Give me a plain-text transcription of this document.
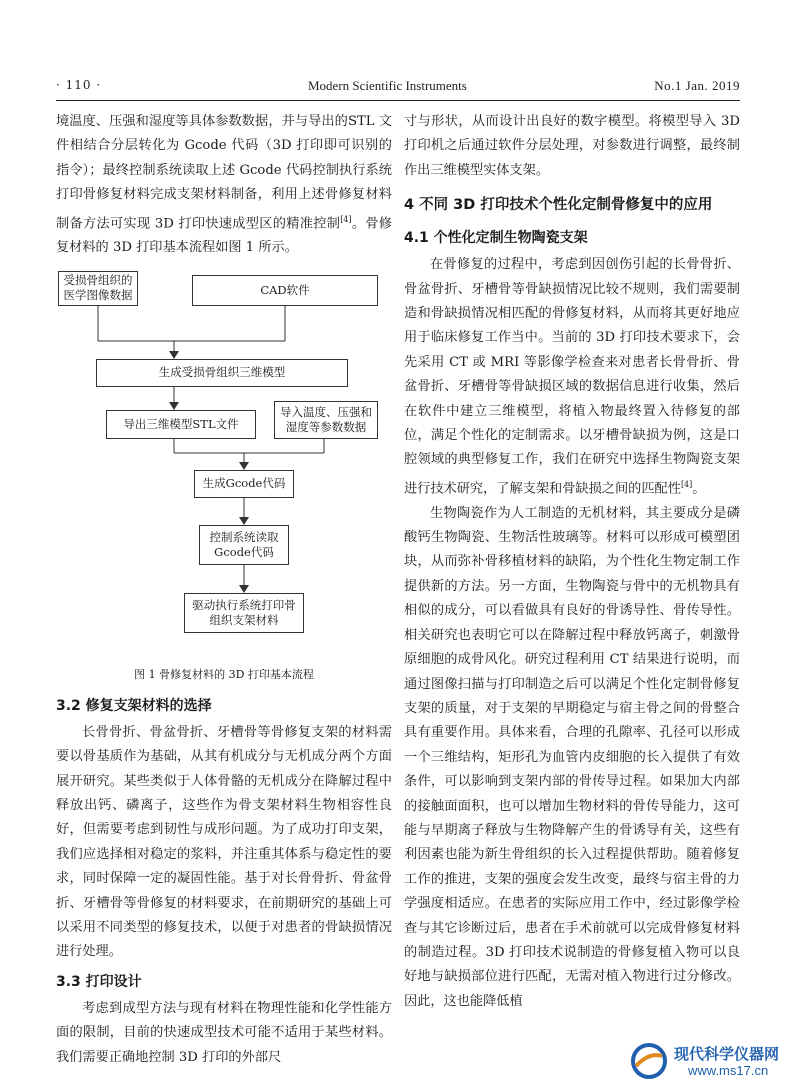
· 110 ·	Modern Scientific Instruments	No.1 Jan. 2019

境温度、压强和湿度等具体参数数据，并与导出的STL 文件相结合分层转化为 Gcode 代码（3D 打印即可识别的指令）；最终控制系统读取上述 Gcode 代码控制执行系统打印骨修复材料完成支架材料制备，利用上述骨修复材料制备方法可实现 3D 打印快速成型区的精准控制[4]。骨修复材料的 3D 打印基本流程如图 1 所示。

受损骨组织的医学图像数据	CAD软件
生成受损骨组织三维模型
导出三维模型STL文件
导入温度、压强和湿度等参数数据
生成Gcode代码
控制系统读取Gcode代码
驱动执行系统打印骨组织支架材料

图 1 骨修复材料的 3D 打印基本流程

3.2 修复支架材料的选择

长骨骨折、骨盆骨折、牙槽骨等骨修复支架的材料需要以骨基质作为基础，从其有机成分与无机成分两个方面展开研究。某些类似于人体骨骼的无机成分在降解过程中释放出钙、磷离子，这些作为骨支架材料生物相容性良好，但需要考虑到韧性与成形问题。为了成功打印支架，我们应选择相对稳定的浆料，并注重其体系与稳定性的要求，同时保障一定的凝固性能。基于对长骨骨折、骨盆骨折、牙槽骨等骨修复的材料要求，在前期研究的基础上可以采用不同类型的修复技术，以便于对患者的骨缺损情况进行处理。

3.3 打印设计

考虑到成型方法与现有材料在物理性能和化学性能方面的限制，目前的快速成型技术可能不适用于某些材料。我们需要正确地控制 3D 打印的外部尺

寸与形状，从而设计出良好的数字模型。将模型导入 3D 打印机之后通过软件分层处理，对参数进行调整，最终制作出三维模型实体支架。

4 不同 3D 打印技术个性化定制骨修复中的应用
4.1 个性化定制生物陶瓷支架

在骨修复的过程中，考虑到因创伤引起的长骨骨折、骨盆骨折、牙槽骨等骨缺损情况比较不规则，我们需要制造和骨缺损情况相匹配的骨修复材料，从而将其更好地应用于临床修复工作当中。当前的 3D 打印技术要求下，会先采用 CT 或 MRI 等影像学检查来对患者长骨骨折、骨盆骨折、牙槽骨等骨缺损区域的数据信息进行收集，然后在软件中建立三维模型，将植入物最终置入待修复的部位，满足个性化的定制需求。以牙槽骨缺损为例，这是口腔领域的典型修复工作，我们在研究中选择生物陶瓷支架进行技术研究，了解支架和骨缺损之间的匹配性[4]。

生物陶瓷作为人工制造的无机材料，其主要成分是磷酸钙生物陶瓷、生物活性玻璃等。材料可以形成可模塑团块，从而弥补骨移植材料的缺陷，为个性化生物定制工作提供新的方法。另一方面，生物陶瓷与骨中的无机物具有相似的成分，可以看做具有良好的骨诱导性、骨传导性。相关研究也表明它可以在降解过程中释放钙离子，刺激骨原细胞的成骨风化。研究过程利用 CT 结果进行说明，而通过图像扫描与打印制造之后可以满足个性化定制骨修复支架的质量，对于支架的早期稳定与宿主骨之间的骨整合具有重要作用。具体来看，合理的孔隙率、孔径可以形成一个三维结构，矩形孔为血管内皮细胞的长入提供了有效条件，可以影响到支架内部的骨传导过程。如果加大内部的接触面面积，也可以增加生物材料的骨传导能力，这可能与早期离子释放与生物降解产生的骨诱导有关，这些有利因素也能为新生骨组织的长入过程提供帮助。随着修复工作的推进，支架的强度会发生改变，最终与宿主骨的力学强度相适应。在患者的实际应用工作中，经过影像学检查与其它诊断过后，患者在手术前就可以完成骨修复材料的制造过程。3D 打印技术说制造的骨修复植入物可以良好地与缺损部位进行匹配，无需对植入物进行过分修改。因此，这也能降低植

现代科学仪器网
www.ms17.cn
